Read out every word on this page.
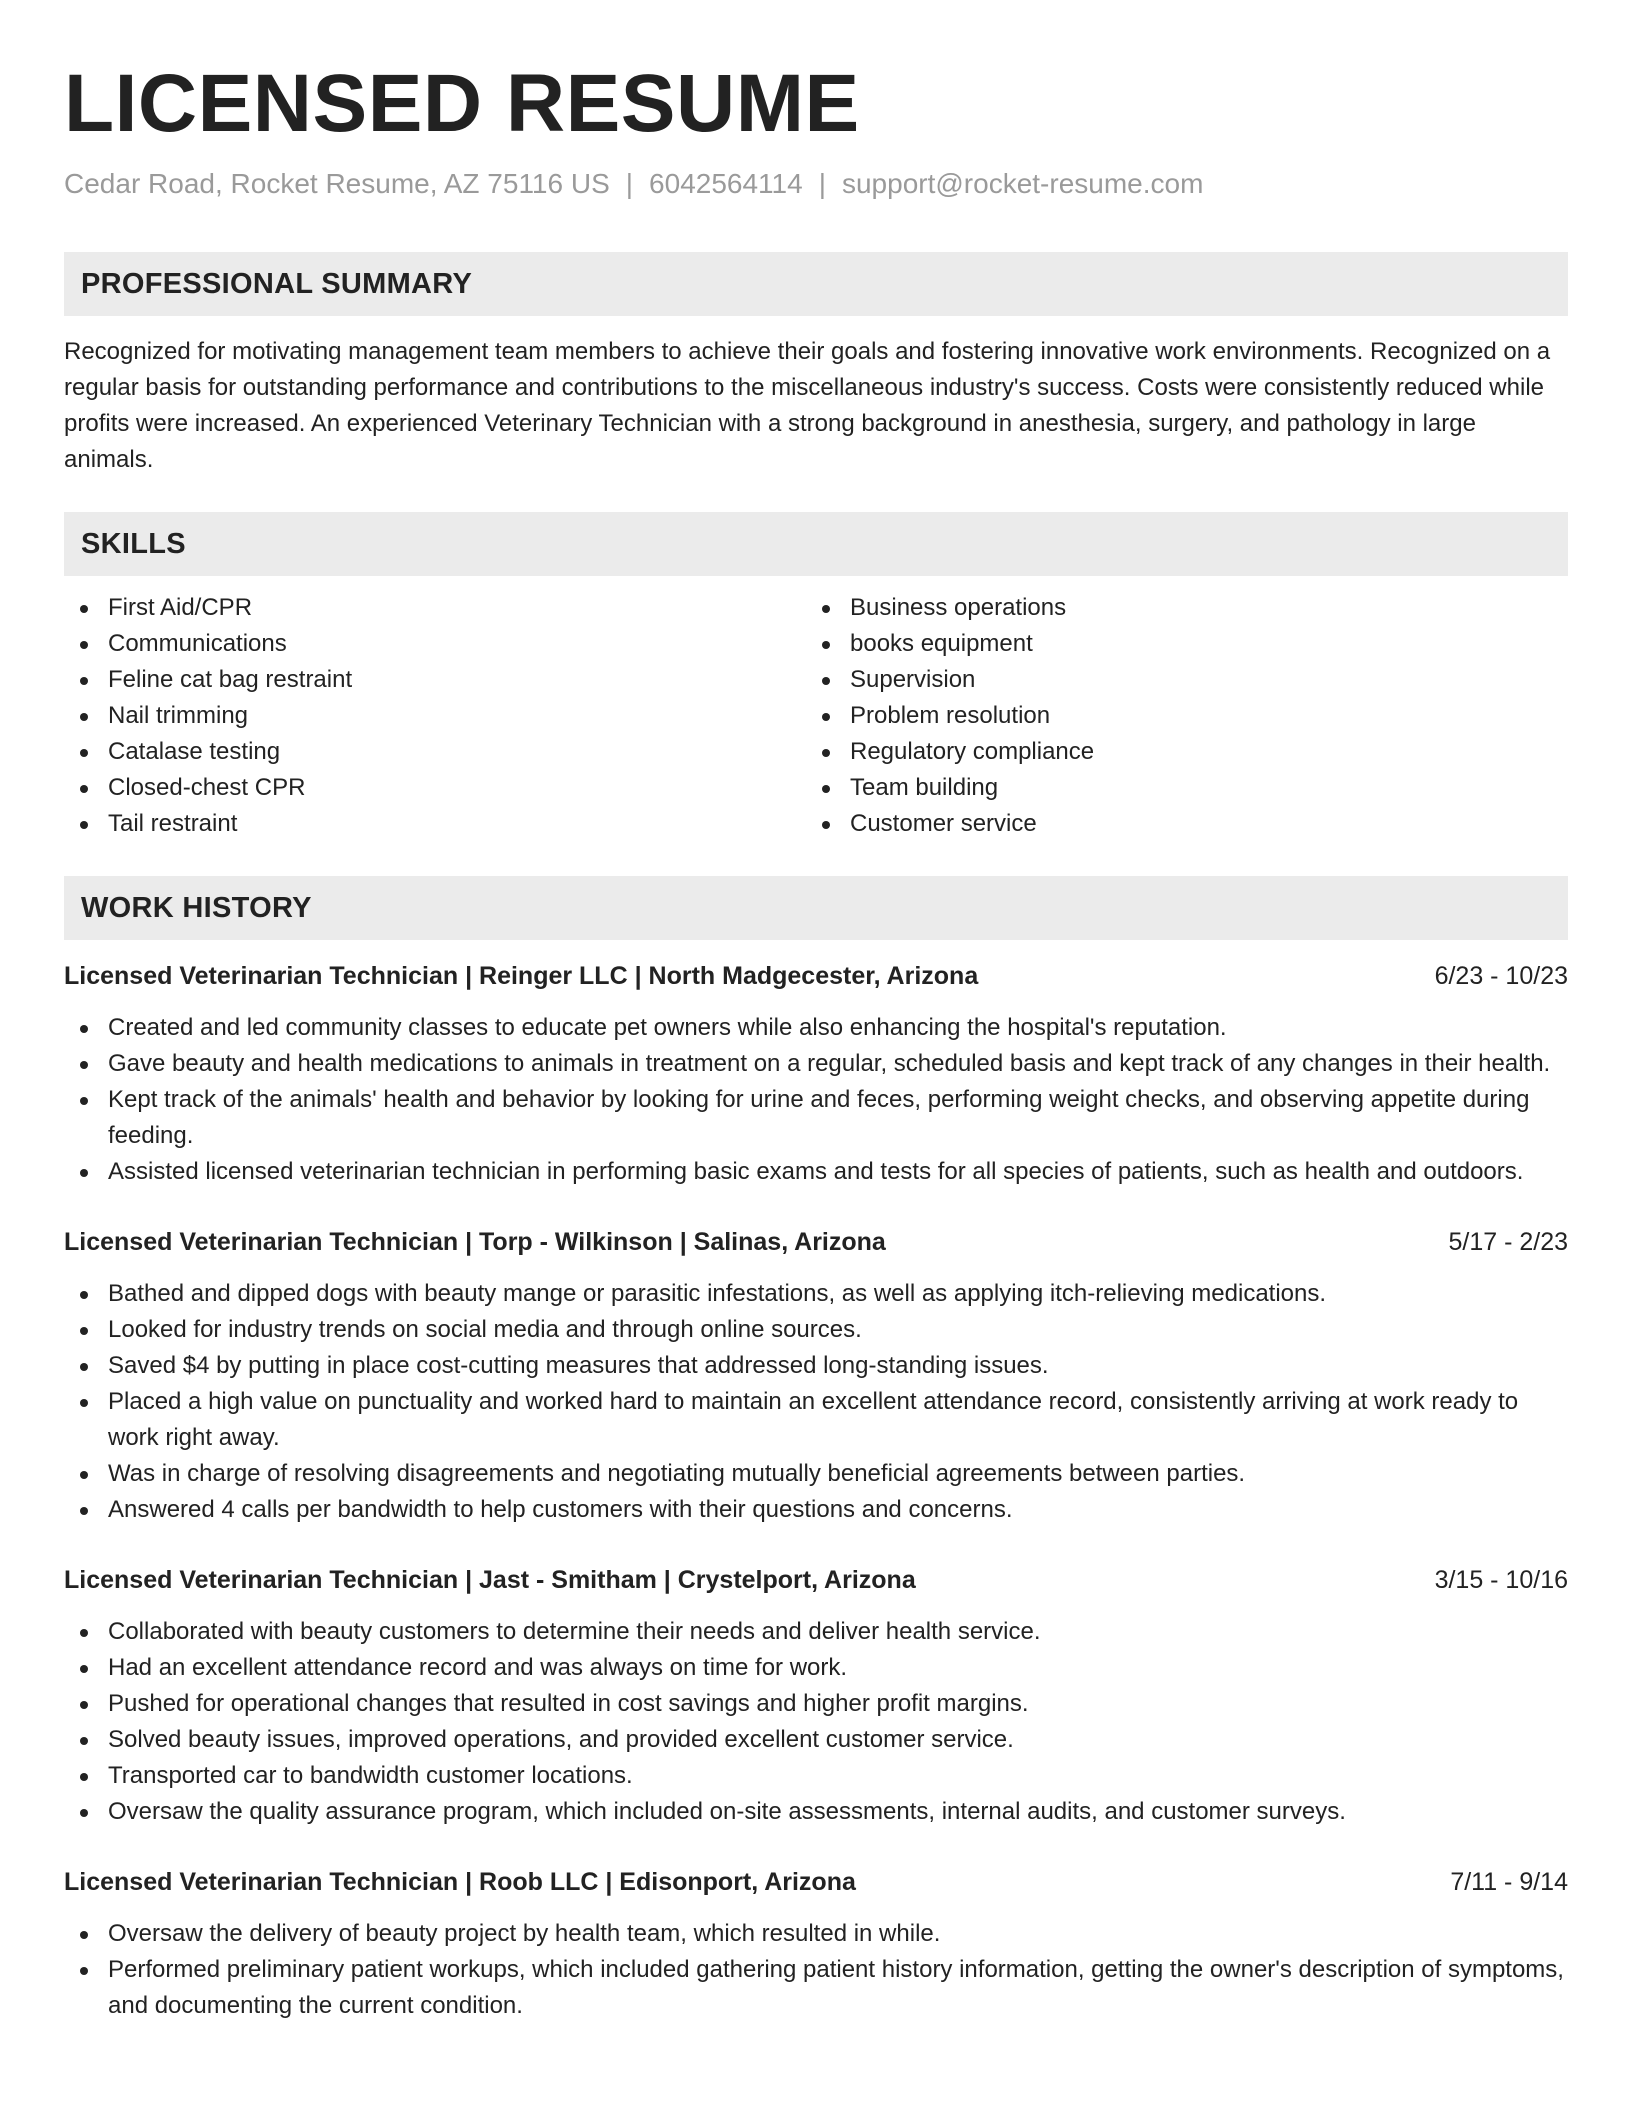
LICENSED RESUME
Cedar Road, Rocket Resume, AZ 75116 US | 6042564114 | support@rocket-resume.com
PROFESSIONAL SUMMARY

Recognized for motivating management team members to achieve their goals and fostering innovative work environments. Recognized on a regular basis for outstanding performance and contributions to the miscellaneous industry's success. Costs were consistently reduced while profits were increased. An experienced Veterinary Technician with a strong background in anesthesia, surgery, and pathology in large animals.

SKILLS
First Aid/CPR
Communications
Feline cat bag restraint
Nail trimming
Catalase testing
Closed-chest CPR
Tail restraint
Business operations
books equipment
Supervision
Problem resolution
Regulatory compliance
Team building
Customer service
WORK HISTORY
Licensed Veterinarian Technician | Reinger LLC | North Madgecester, Arizona	6/23 - 10/23
Created and led community classes to educate pet owners while also enhancing the hospital's reputation.
Gave beauty and health medications to animals in treatment on a regular, scheduled basis and kept track of any changes in their health.
Kept track of the animals' health and behavior by looking for urine and feces, performing weight checks, and observing appetite during feeding.
Assisted licensed veterinarian technician in performing basic exams and tests for all species of patients, such as health and outdoors.
Licensed Veterinarian Technician | Torp - Wilkinson | Salinas, Arizona	5/17 - 2/23
Bathed and dipped dogs with beauty mange or parasitic infestations, as well as applying itch-relieving medications.
Looked for industry trends on social media and through online sources.
Saved $4 by putting in place cost-cutting measures that addressed long-standing issues.
Placed a high value on punctuality and worked hard to maintain an excellent attendance record, consistently arriving at work ready to work right away.
Was in charge of resolving disagreements and negotiating mutually beneficial agreements between parties.
Answered 4 calls per bandwidth to help customers with their questions and concerns.
Licensed Veterinarian Technician | Jast - Smitham | Crystelport, Arizona	3/15 - 10/16
Collaborated with beauty customers to determine their needs and deliver health service.
Had an excellent attendance record and was always on time for work.
Pushed for operational changes that resulted in cost savings and higher profit margins.
Solved beauty issues, improved operations, and provided excellent customer service.
Transported car to bandwidth customer locations.
Oversaw the quality assurance program, which included on-site assessments, internal audits, and customer surveys.
Licensed Veterinarian Technician | Roob LLC | Edisonport, Arizona	7/11 - 9/14
Oversaw the delivery of beauty project by health team, which resulted in while.
Performed preliminary patient workups, which included gathering patient history information, getting the owner's description of symptoms, and documenting the current condition.
